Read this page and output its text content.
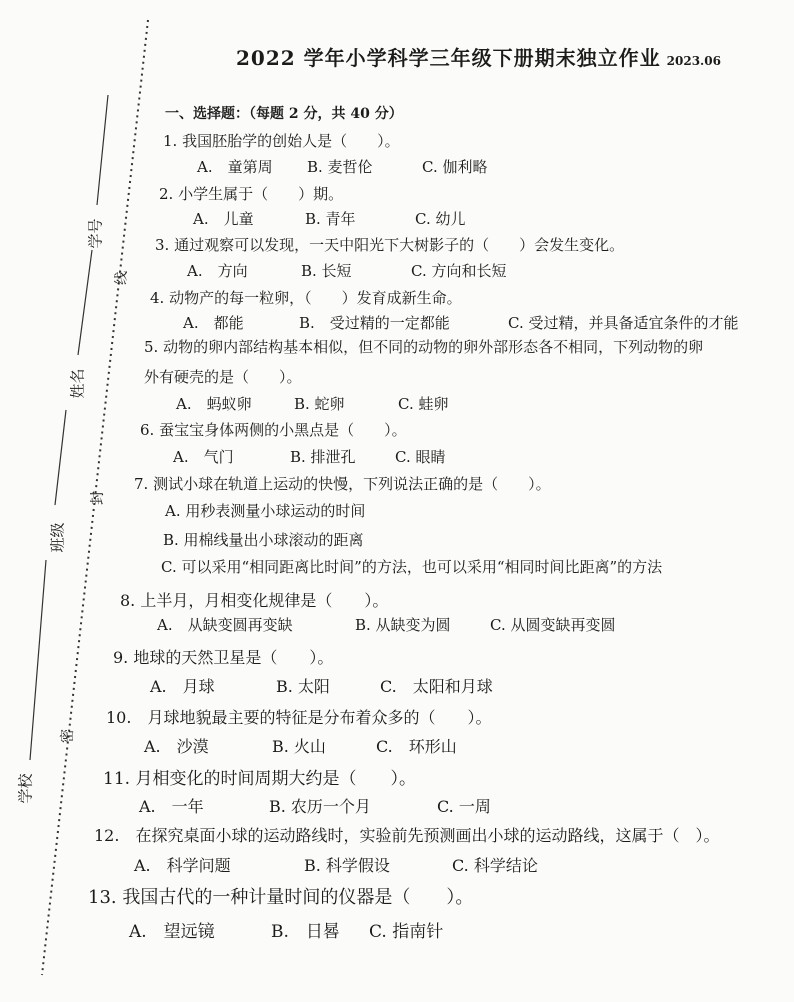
学号
姓名
班级
学校
线
封
密
2022 学年小学科学三年级下册期末独立作业 2023.06
一、选择题：（每题 2 分，共 40 分）
1. 我国胚胎学的创始人是（　　）。
A.　童第周 B. 麦哲伦	C. 伽利略
2. 小学生属于（　　）期。
A.　儿童	B. 青年	C. 幼儿
3. 通过观察可以发现，一天中阳光下大树影子的（　　）会发生变化。
A.　方向	B. 长短	C. 方向和长短
4. 动物产的每一粒卵，（　　）发育成新生命。
A.　都能	B.　受过精的一定都能	C. 受过精，并具备适宜条件的才能
5. 动物的卵内部结构基本相似，但不同的动物的卵外部形态各不相同，下列动物的卵
外有硬壳的是（　　）。
A.　蚂蚁卵	B. 蛇卵	C. 蛙卵
6. 蚕宝宝身体两侧的小黑点是（　　）。
A.　气门	B. 排泄孔	C. 眼睛
7. 测试小球在轨道上运动的快慢，下列说法正确的是（　　）。
A. 用秒表测量小球运动的时间
B. 用棉线量出小球滚动的距离
C. 可以采用“相同距离比时间”的方法，也可以采用“相同时间比距离”的方法
8. 上半月，月相变化规律是（　　）。
A.　从缺变圆再变缺	B. 从缺变为圆	C. 从圆变缺再变圆
9. 地球的天然卫星是（　　）。
A.　月球	B. 太阳	C.　太阳和月球
10.　月球地貌最主要的特征是分布着众多的（　　）。
A.　沙漠	B. 火山	C.　环形山
11. 月相变化的时间周期大约是（　　）。
A.　一年	B. 农历一个月	C. 一周
12.　在探究桌面小球的运动路线时，实验前先预测画出小球的运动路线，这属于（　）。
A.　科学问题	B. 科学假设	C. 科学结论
13. 我国古代的一种计量时间的仪器是（　　）。
A.　望远镜	B.　日晷 C. 指南针
